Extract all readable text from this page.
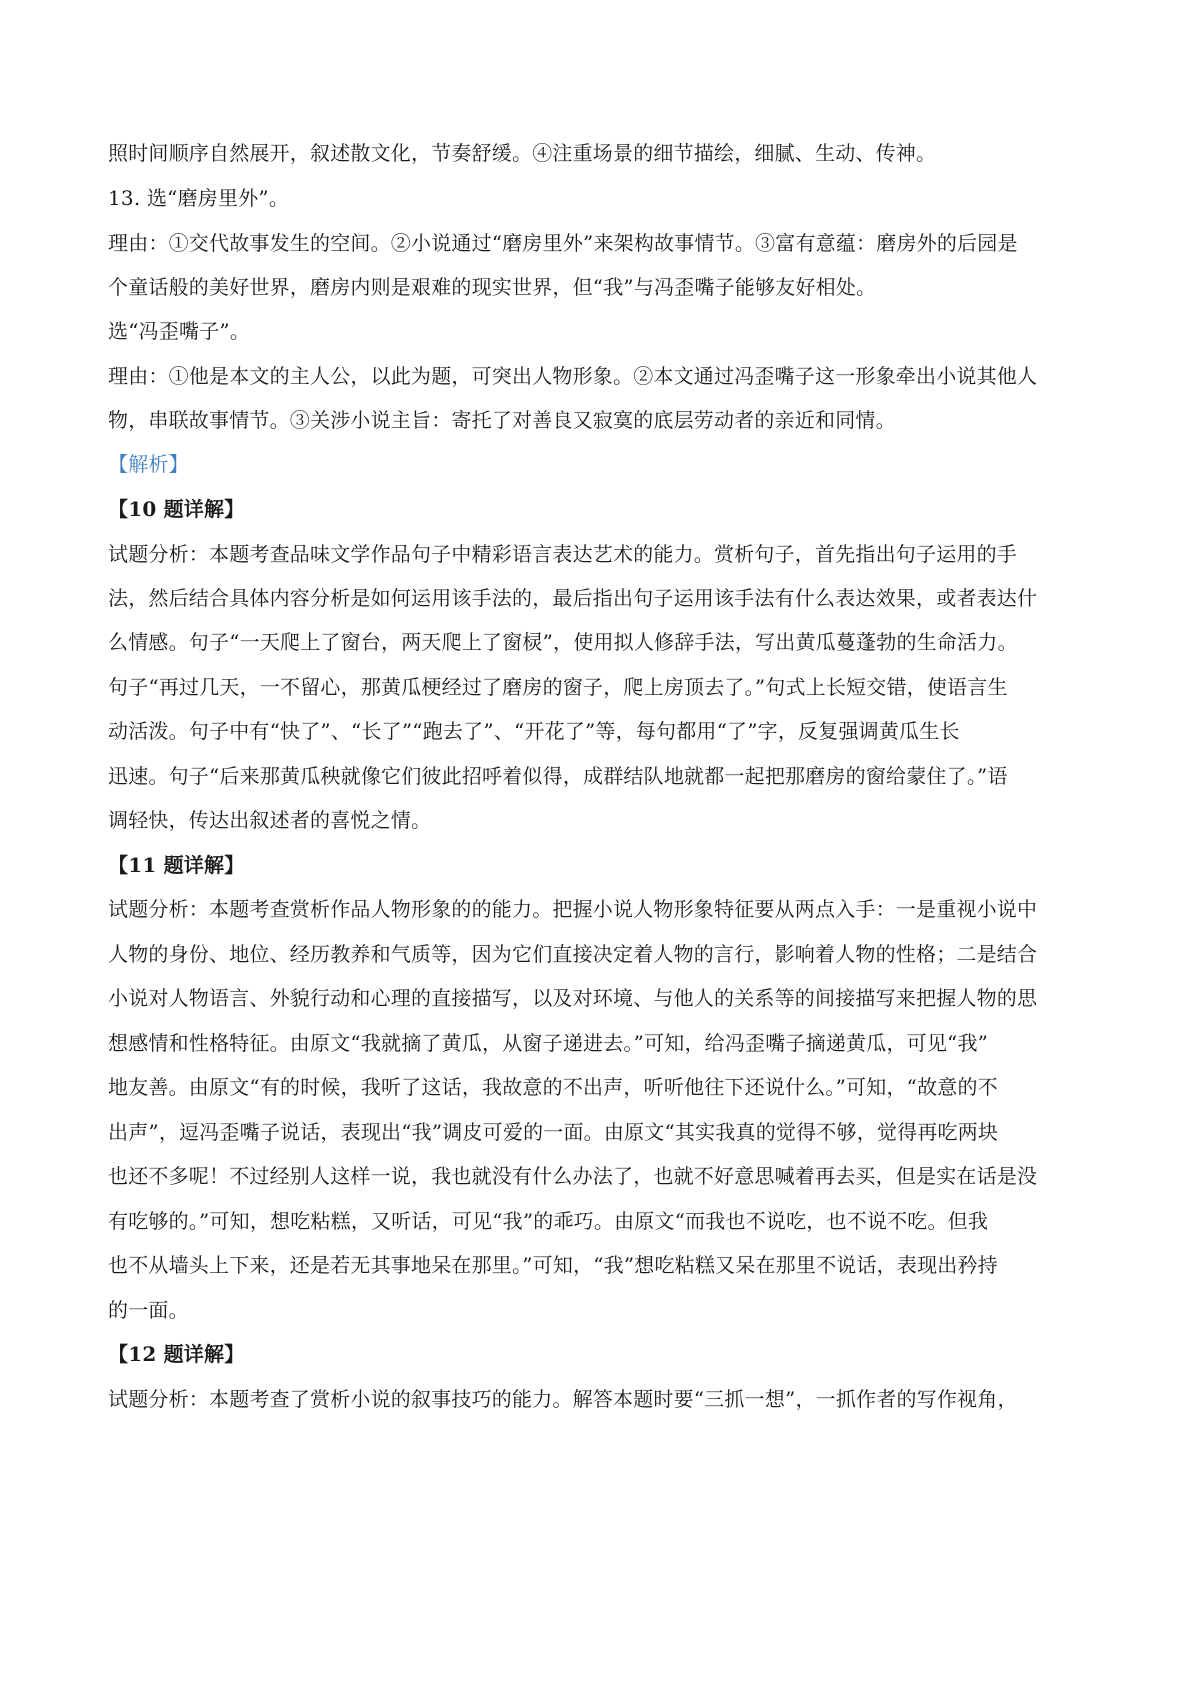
照时间顺序自然展开，叙述散文化，节奏舒缓。④注重场景的细节描绘，细腻、生动、传神。
13. 选“磨房里外”。
理由：①交代故事发生的空间。②小说通过“磨房里外”来架构故事情节。③富有意蕴：磨房外的后园是
个童话般的美好世界，磨房内则是艰难的现实世界，但“我”与冯歪嘴子能够友好相处。
选“冯歪嘴子”。
理由：①他是本文的主人公，以此为题，可突出人物形象。②本文通过冯歪嘴子这一形象牵出小说其他人
物，串联故事情节。③关涉小说主旨：寄托了对善良又寂寞的底层劳动者的亲近和同情。
【解析】
【10 题详解】
试题分析：本题考查品味文学作品句子中精彩语言表达艺术的能力。赏析句子，首先指出句子运用的手
法，然后结合具体内容分析是如何运用该手法的，最后指出句子运用该手法有什么表达效果，或者表达什
么情感。句子“一天爬上了窗台，两天爬上了窗棂”，使用拟人修辞手法，写出黄瓜蔓蓬勃的生命活力。
句子“再过几天，一不留心，那黄瓜梗经过了磨房的窗子，爬上房顶去了。”句式上长短交错，使语言生
动活泼。句子中有“快了”、“长了”“跑去了”、“开花了”等，每句都用“了”字，反复强调黄瓜生长
迅速。句子“后来那黄瓜秧就像它们彼此招呼着似得，成群结队地就都一起把那磨房的窗给蒙住了。”语
调轻快，传达出叙述者的喜悦之情。
【11 题详解】
试题分析：本题考查赏析作品人物形象的的能力。把握小说人物形象特征要从两点入手：一是重视小说中
人物的身份、地位、经历教养和气质等，因为它们直接决定着人物的言行，影响着人物的性格；二是结合
小说对人物语言、外貌行动和心理的直接描写，以及对环境、与他人的关系等的间接描写来把握人物的思
想感情和性格特征。由原文“我就摘了黄瓜，从窗子递进去。”可知，给冯歪嘴子摘递黄瓜，可见“我”
地友善。由原文“有的时候，我听了这话，我故意的不出声，听听他往下还说什么。”可知，“故意的不
出声”，逗冯歪嘴子说话，表现出“我”调皮可爱的一面。由原文“其实我真的觉得不够，觉得再吃两块
也还不多呢！不过经别人这样一说，我也就没有什么办法了，也就不好意思喊着再去买，但是实在话是没
有吃够的。”可知，想吃粘糕，又听话，可见“我”的乖巧。由原文“而我也不说吃，也不说不吃。但我
也不从墙头上下来，还是若无其事地呆在那里。”可知，“我”想吃粘糕又呆在那里不说话，表现出矜持
的一面。
【12 题详解】
试题分析：本题考查了赏析小说的叙事技巧的能力。解答本题时要“三抓一想”，一抓作者的写作视角，
